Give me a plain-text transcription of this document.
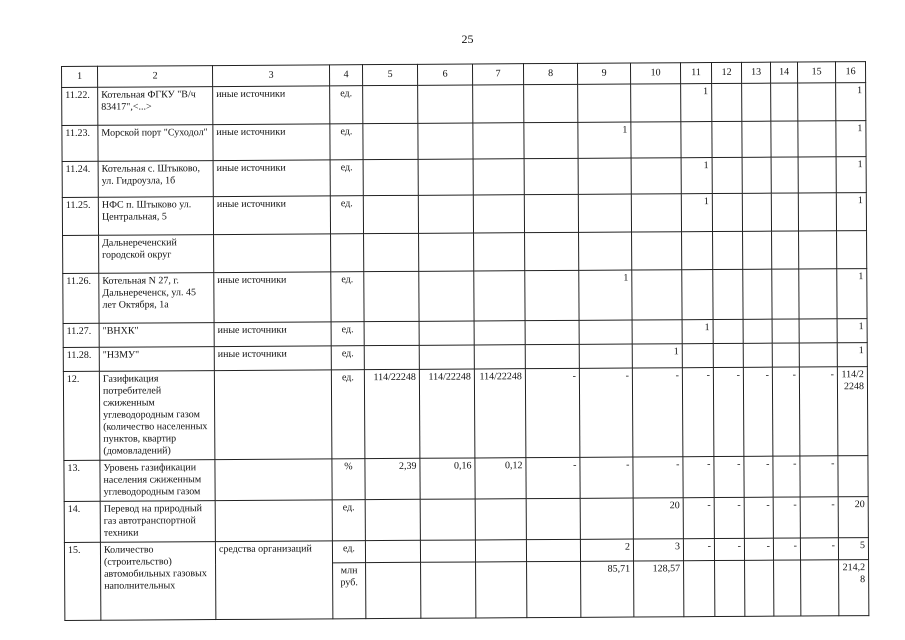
25
1	2	3	4	5	6	7	8	9	10	11	12	13	14	15	16
11.22.	Котельная ФГКУ "В/ч 83417",<...>	иные источники	ед.							1					1
11.23.	Морской порт "Суходол"	иные источники	ед.					1							1
11.24.	Котельная с. Штыково, ул. Гидроузла, 1б	иные источники	ед.							1					1
11.25.	НФС п. Штыково ул. Центральная, 5	иные источники	ед.							1					1
	Дальнереченский городской округ														
11.26.	Котельная N 27, г. Дальнереченск, ул. 45 лет Октября, 1а	иные источники	ед.					1							1
11.27.	"ВНХК"	иные источники	ед.							1					1
11.28.	"НЗМУ"	иные источники	ед.						1						1
12.	Газификация потребителей сжиженным углеводородным газом (количество населенных пунктов, квартир (домовладений)		ед.	114/22248	114/22248	114/22248	-	-	-	-	-	-	-	-	114/22248
13.	Уровень газификации населения сжиженным углеводородным газом		%	2,39	0,16	0,12	-	-	-	-	-	-	-	-	
14.	Перевод на природный газ автотранспортной техники		ед.						20	-	-	-	-	-	20
15.	Количество (строительство) автомобильных газовых наполнительных	средства организаций	ед.					2	3	-	-	-	-	-	5
			млн руб.					85,71	128,57						214,28
